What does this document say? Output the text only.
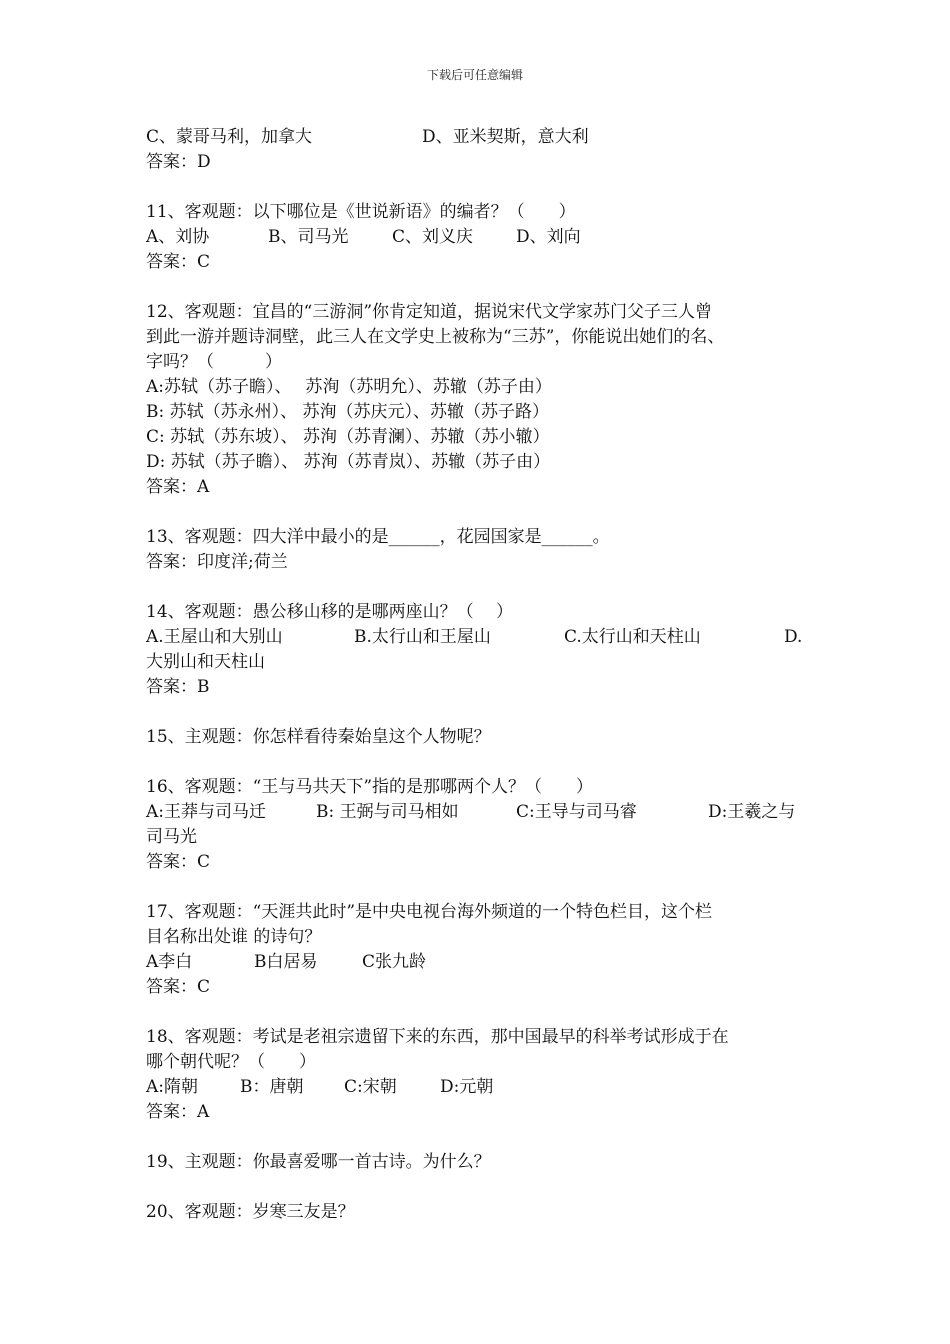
下载后可任意编辑
C、蒙哥马利，加拿大	D、亚米契斯，意大利
答案：D
11、客观题：以下哪位是《世说新语》的编者？（　　）
A、刘协	B、司马光	C、刘义庆	D、刘向
答案：C
12、客观题：宜昌的“三游洞”你肯定知道，据说宋代文学家苏门父子三人曾
到此一游并题诗洞壁，此三人在文学史上被称为“三苏”，你能说出她们的名、
字吗？（　　　）
A:苏轼（苏子瞻）、　 苏洵（苏明允）、苏辙（苏子由）
B: 苏轼（苏永州）、 苏洵（苏庆元）、苏辙（苏子路）
C: 苏轼（苏东坡）、 苏洵（苏青澜）、苏辙（苏小辙）
D: 苏轼（苏子瞻）、 苏洵（苏青岚）、苏辙（苏子由）
答案：A
13、客观题：四大洋中最小的是______，花园国家是______。
答案：印度洋;荷兰
14、客观题：愚公移山移的是哪两座山？（　 ）
A.王屋山和大别山	B.太行山和王屋山	C.太行山和天柱山	D.
大别山和天柱山
答案：B
15、主观题：你怎样看待秦始皇这个人物呢？
16、客观题：“王与马共天下”指的是那哪两个人？（　　）
A:王莽与司马迁	B: 王弼与司马相如	C:王导与司马睿	D:王羲之与
司马光
答案：C
17、客观题：“天涯共此时”是中央电视台海外频道的一个特色栏目，这个栏
目名称出处谁 的诗句？
A李白	B白居易	C张九龄
答案：C
18、客观题：考试是老祖宗遗留下来的东西，那中国最早的科举考试形成于在
哪个朝代呢？（　　）
A:隋朝	B：唐朝	C:宋朝	D:元朝
答案：A
19、主观题：你最喜爱哪一首古诗。为什么？
20、客观题：岁寒三友是？
